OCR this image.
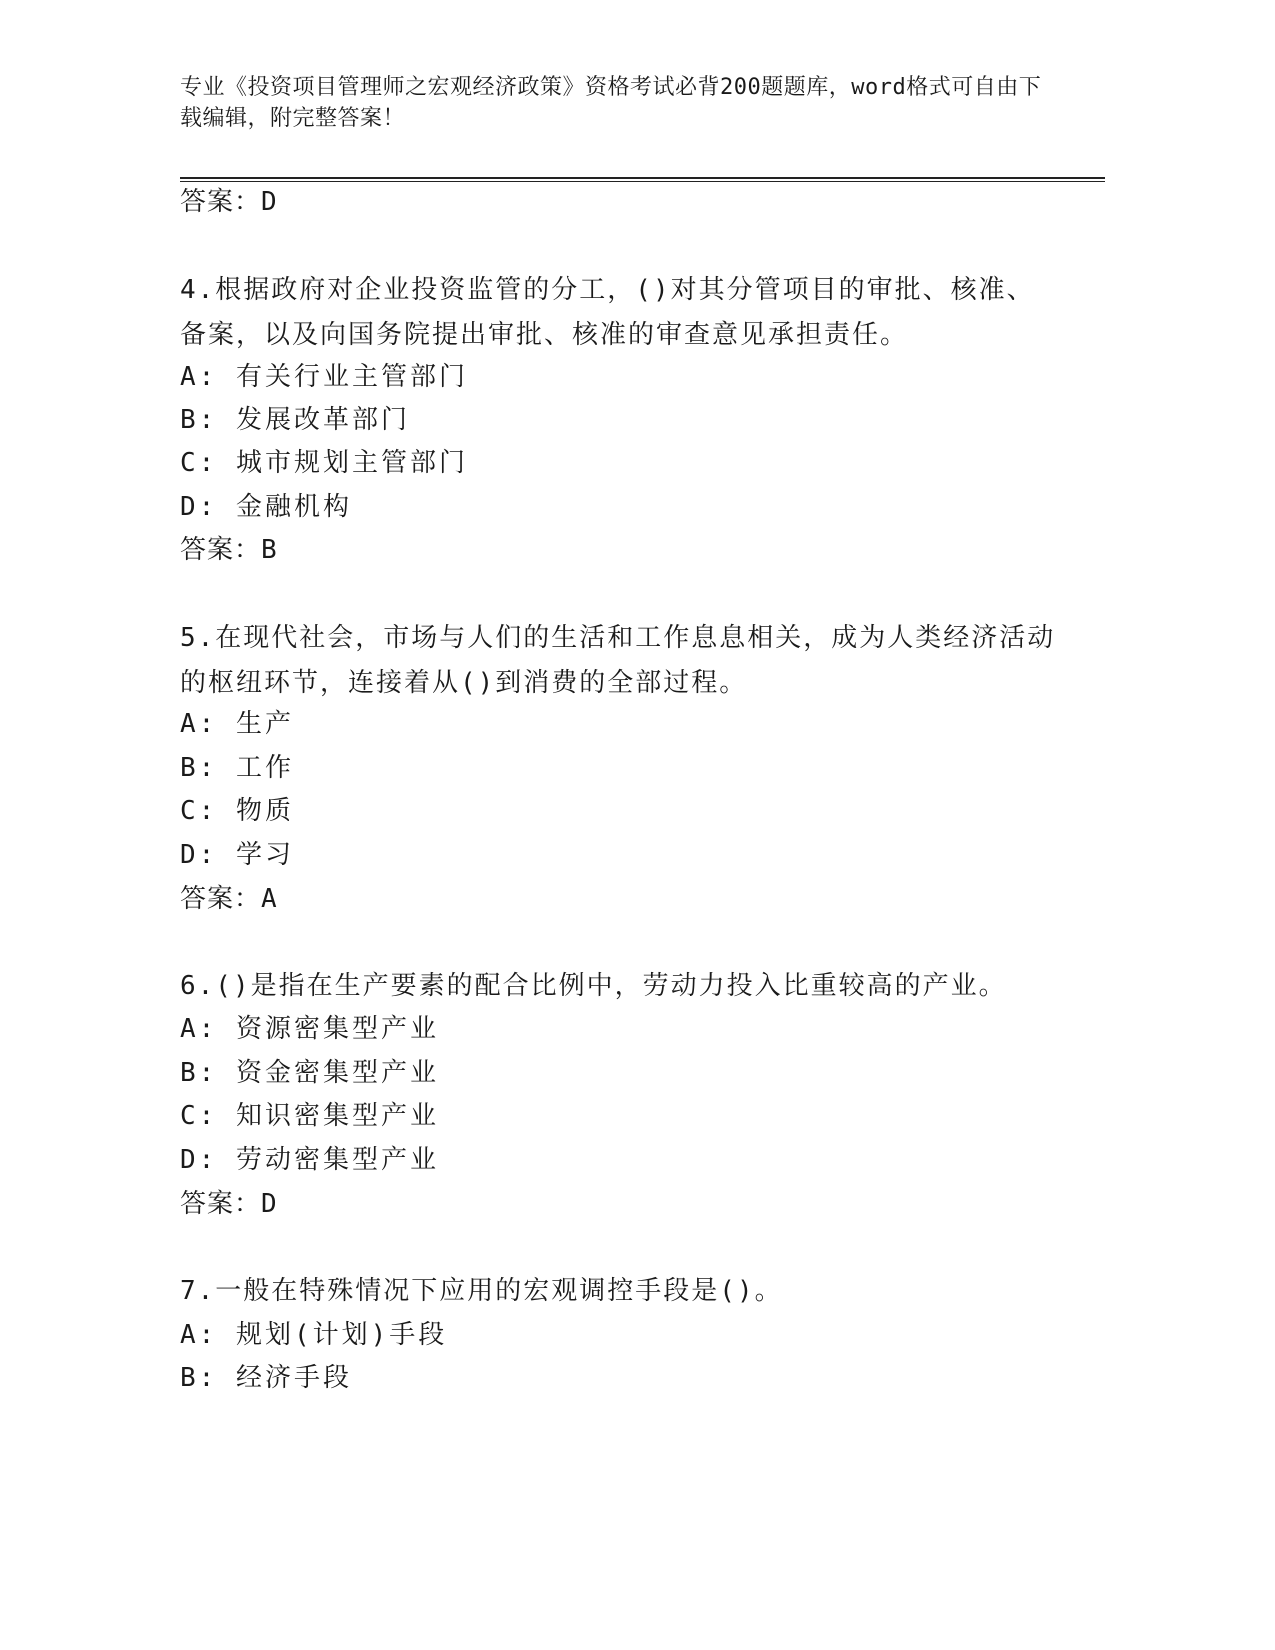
专业《投资项目管理师之宏观经济政策》资格考试必背200题题库，word格式可自由下载编辑，附完整答案！
答案：D
4.根据政府对企业投资监管的分工，()对其分管项目的审批、核准、备案，以及向国务院提出审批、核准的审查意见承担责任。
A: 有关行业主管部门
B: 发展改革部门
C: 城市规划主管部门
D: 金融机构
答案：B
5.在现代社会，市场与人们的生活和工作息息相关，成为人类经济活动的枢纽环节，连接着从()到消费的全部过程。
A: 生产
B: 工作
C: 物质
D: 学习
答案：A
6.()是指在生产要素的配合比例中，劳动力投入比重较高的产业。
A: 资源密集型产业
B: 资金密集型产业
C: 知识密集型产业
D: 劳动密集型产业
答案：D
7.一般在特殊情况下应用的宏观调控手段是()。
A: 规划(计划)手段
B: 经济手段
